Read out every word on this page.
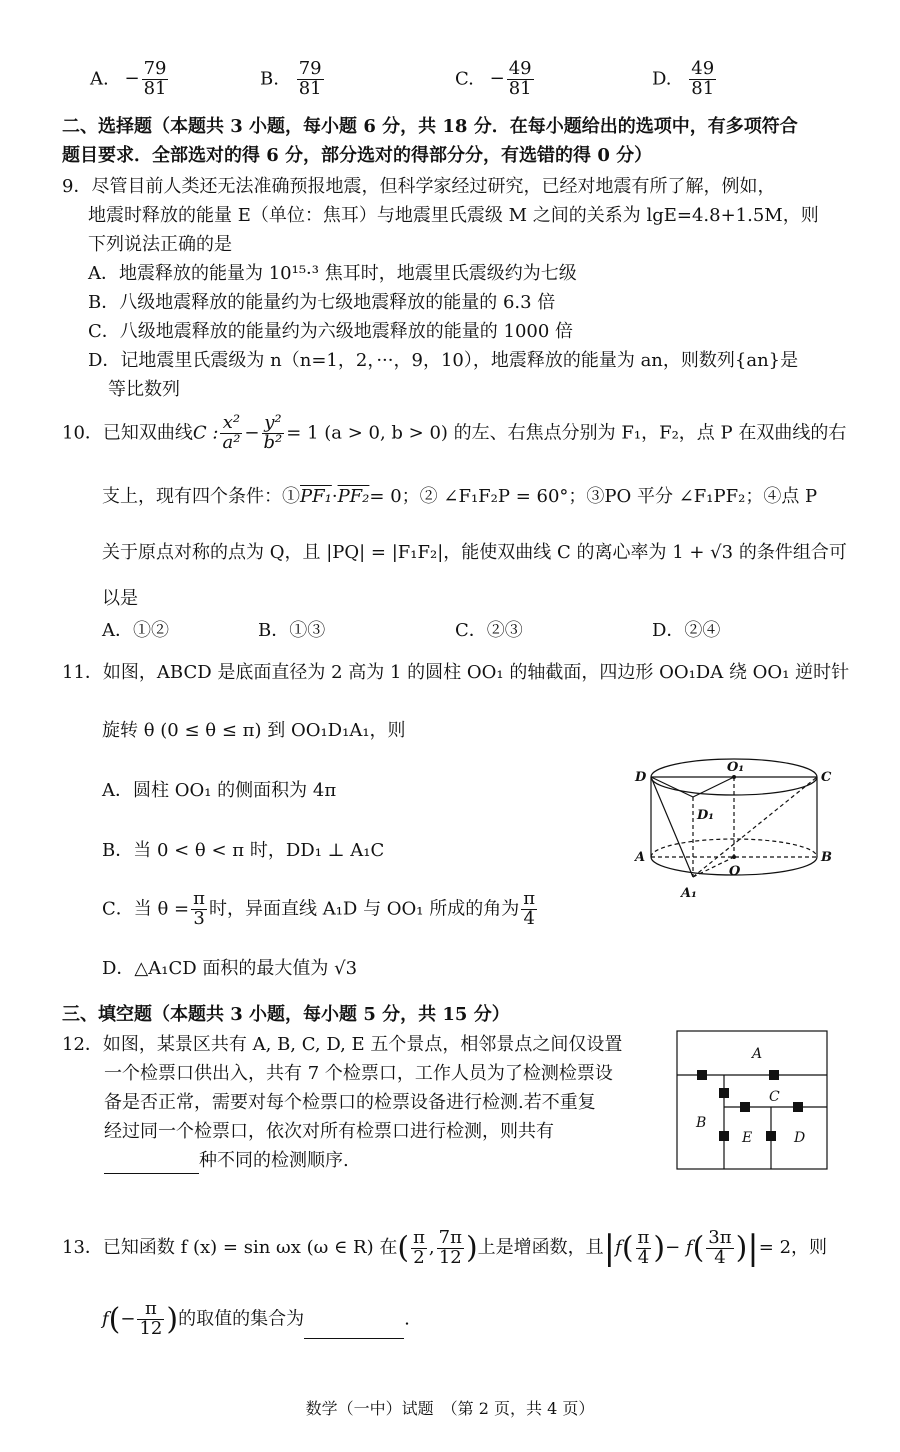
A. − $\frac{79}{81}$	B. $\frac{79}{81}$	C. − $\frac{49}{81}$	D. $\frac{49}{81}$
二、选择题（本题共 3 小题，每小题 6 分，共 18 分．在每小题给出的选项中，有多项符合
题目要求．全部选对的得 6 分，部分选对的得部分分，有选错的得 0 分）
9．尽管目前人类还无法准确预报地震，但科学家经过研究，已经对地震有所了解，例如，
地震时释放的能量 E（单位：焦耳）与地震里氏震级 M 之间的关系为 lgE=4.8+1.5M，则
下列说法正确的是
A．地震释放的能量为 10¹⁵·³ 焦耳时，地震里氏震级约为七级
B．八级地震释放的能量约为七级地震释放的能量的 6.3 倍
C．八级地震释放的能量约为六级地震释放的能量的 1000 倍
D．记地震里氏震级为 n（n=1，2，···，9，10），地震释放的能量为 an，则数列{an}是
等比数列
10．已知双曲线C : $\frac{\text{x²}}{\text{a²}} - \frac{\text{y²}}{\text{b²}} = 1$ (a > 0, b > 0) 的左、右焦点分别为 F₁，F₂，点 P 在双曲线的右
支上，现有四个条件：①PF₁·PF₂= 0；② ∠F₁F₂P = 60°；③PO 平分 ∠F₁PF₂；④点 P
关于原点对称的点为 Q，且 |PQ| = |F₁F₂|，能使双曲线 C 的离心率为 1 + √3 的条件组合可
以是
A．①②	B．①③	C．②③	D．②④
11．如图，ABCD 是底面直径为 2 高为 1 的圆柱 OO₁ 的轴截面，四边形 OO₁DA 绕 OO₁ 逆时针
旋转 θ (0 ≤ θ ≤ π) 到 OO₁D₁A₁，则
A．圆柱 OO₁ 的侧面积为 4π
B．当 0 < θ < π 时，DD₁ ⊥ A₁C
C．当 $\theta = \frac{\pi}{3}$ 时，异面直线 A₁D 与 OO₁ 所成的角为 $\frac{\pi}{4}$
D．△A₁CD 面积的最大值为 √3
D
O₁
C
D₁
A
O
B
A₁
三、填空题（本题共 3 小题，每小题 5 分，共 15 分）
12．如图，某景区共有 A, B, C, D, E 五个景点，相邻景点之间仅设置
一个检票口供出入，共有 7 个检票口，工作人员为了检测检票设
备是否正常，需要对每个检票口的检票设备进行检测.若不重复
经过同一个检票口，依次对所有检票口进行检测，则共有
种不同的检测顺序.
A
B
C
D
E
13．已知函数 f (x) = sin ωx (ω ∈ R) 在( $\frac{\pi}{2}$ , $\frac{7\pi}{12}$ )上是增函数，且$|f( \frac{\pi}{4}$ )− $f( \frac{3\pi}{4}$ )|= 2，则
$f(- \frac{\pi}{12}$ )的取值的集合为	.
数学（一中）试题　（第 2 页，共 4 页）
